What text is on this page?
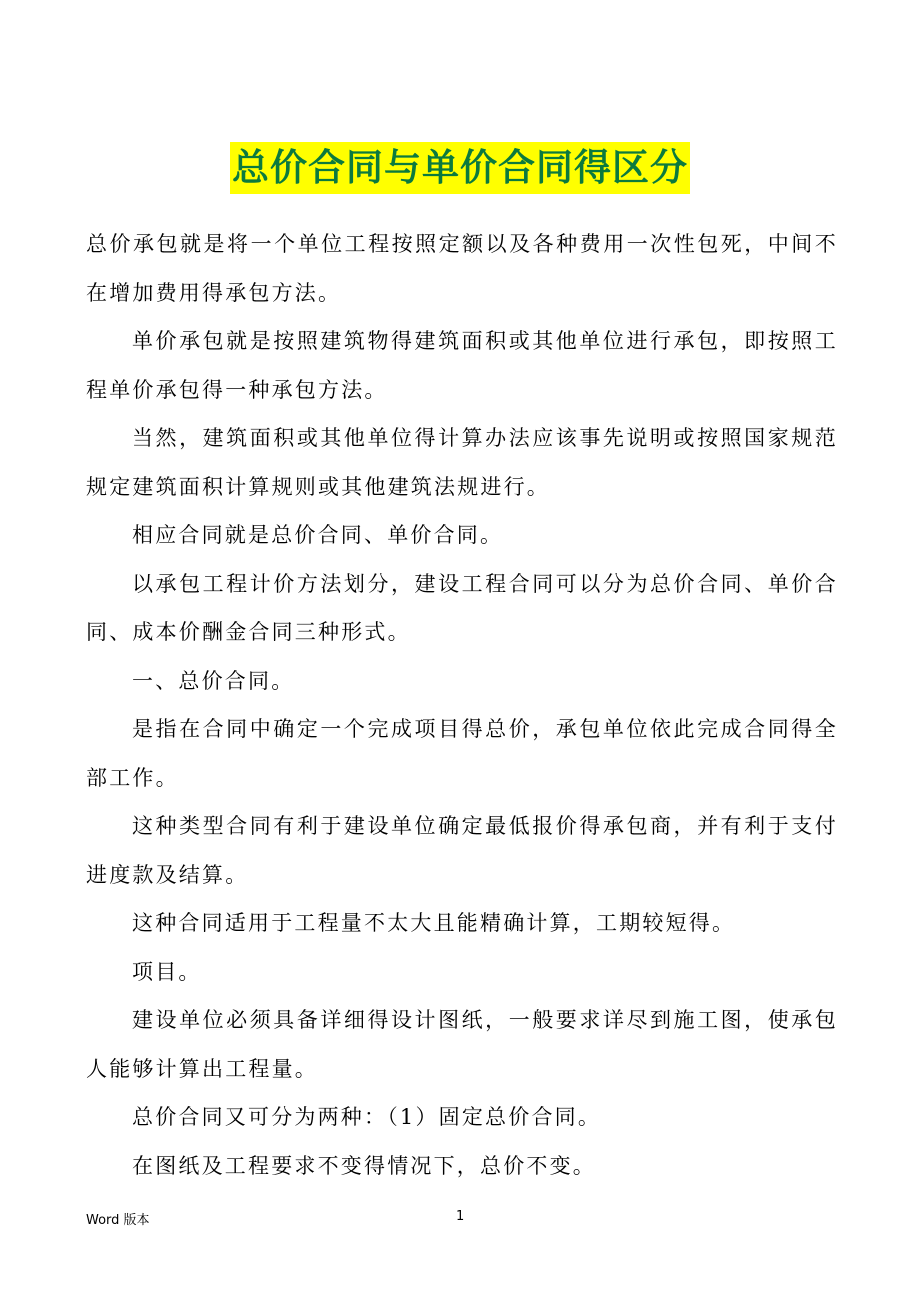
总价合同与单价合同得区分

总价承包就是将一个单位工程按照定额以及各种费用一次性包死，中间不在增加费用得承包方法。

单价承包就是按照建筑物得建筑面积或其他单位进行承包，即按照工程单价承包得一种承包方法。

当然，建筑面积或其他单位得计算办法应该事先说明或按照国家规范规定建筑面积计算规则或其他建筑法规进行。

相应合同就是总价合同、单价合同。

以承包工程计价方法划分，建设工程合同可以分为总价合同、单价合同、成本价酬金合同三种形式。

一、总价合同。

是指在合同中确定一个完成项目得总价，承包单位依此完成合同得全部工作。

这种类型合同有利于建设单位确定最低报价得承包商，并有利于支付进度款及结算。

这种合同适用于工程量不太大且能精确计算，工期较短得。

项目。

建设单位必须具备详细得设计图纸，一般要求详尽到施工图，使承包人能够计算出工程量。

总价合同又可分为两种：（1）固定总价合同。

在图纸及工程要求不变得情况下，总价不变。

Word 版本	1
